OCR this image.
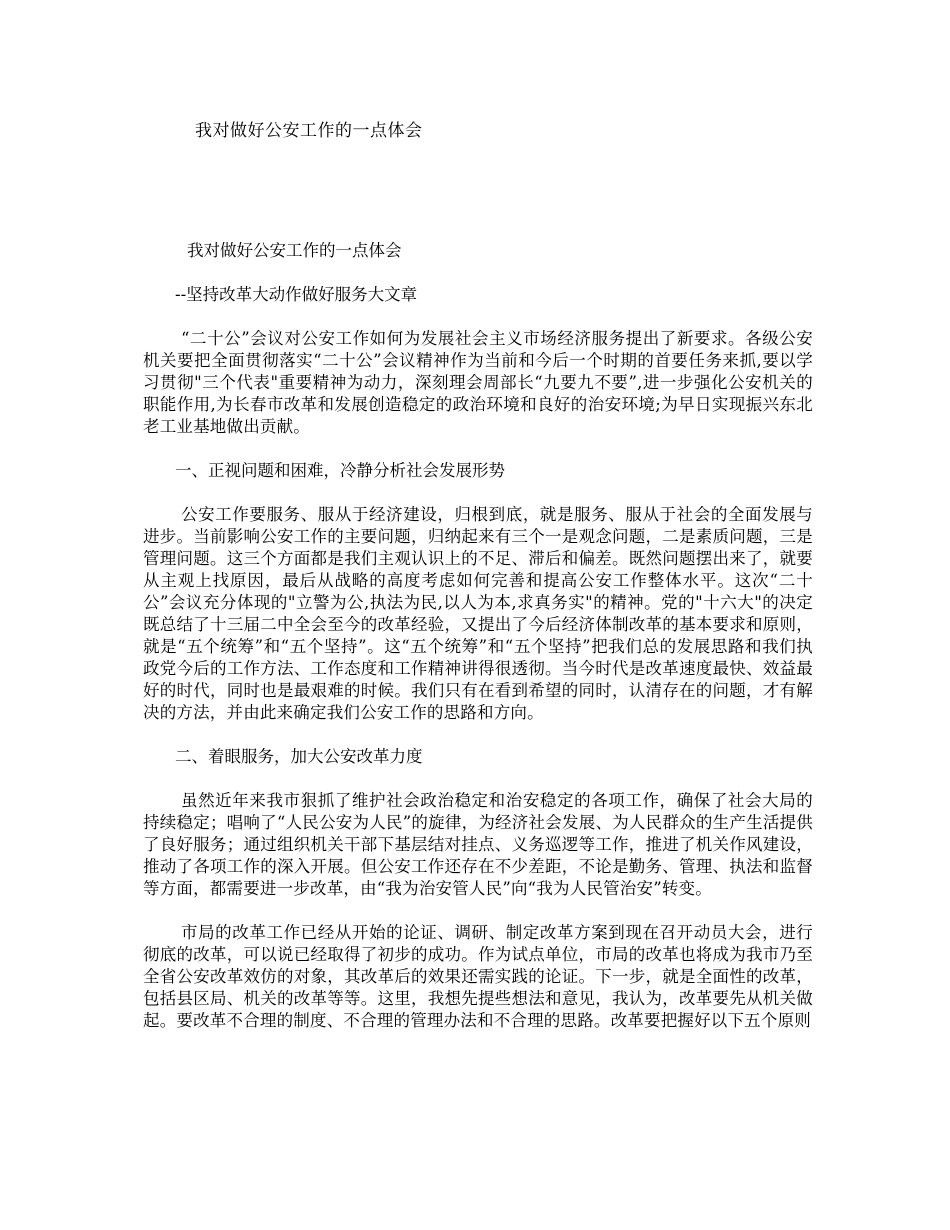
我对做好公安工作的一点体会

我对做好公安工作的一点体会

--坚持改革大动作做好服务大文章

“二十公”会议对公安工作如何为发展社会主义市场经济服务提出了新要求。各级公安机关要把全面贯彻落实“二十公”会议精神作为当前和今后一个时期的首要任务来抓,要以学习贯彻"三个代表"重要精神为动力，深刻理会周部长“九要九不要”,进一步强化公安机关的职能作用,为长春市改革和发展创造稳定的政治环境和良好的治安环境;为早日实现振兴东北老工业基地做出贡献。

一、正视问题和困难，冷静分析社会发展形势

公安工作要服务、服从于经济建设，归根到底，就是服务、服从于社会的全面发展与进步。当前影响公安工作的主要问题，归纳起来有三个一是观念问题，二是素质问题，三是管理问题。这三个方面都是我们主观认识上的不足、滞后和偏差。既然问题摆出来了，就要从主观上找原因，最后从战略的高度考虑如何完善和提高公安工作整体水平。这次“二十公”会议充分体现的"立警为公,执法为民,以人为本,求真务实"的精神。党的"十六大"的决定既总结了十三届二中全会至今的改革经验，又提出了今后经济体制改革的基本要求和原则，就是“五个统筹”和“五个坚持”。这“五个统筹”和“五个坚持”把我们总的发展思路和我们执政党今后的工作方法、工作态度和工作精神讲得很透彻。当今时代是改革速度最快、效益最好的时代，同时也是最艰难的时候。我们只有在看到希望的同时，认清存在的问题，才有解决的方法，并由此来确定我们公安工作的思路和方向。

二、着眼服务，加大公安改革力度

虽然近年来我市狠抓了维护社会政治稳定和治安稳定的各项工作，确保了社会大局的持续稳定；唱响了“人民公安为人民”的旋律，为经济社会发展、为人民群众的生产生活提供了良好服务；通过组织机关干部下基层结对挂点、义务巡逻等工作，推进了机关作风建设，推动了各项工作的深入开展。但公安工作还存在不少差距，不论是勤务、管理、执法和监督等方面，都需要进一步改革，由“我为治安管人民”向“我为人民管治安”转变。

市局的改革工作已经从开始的论证、调研、制定改革方案到现在召开动员大会，进行彻底的改革，可以说已经取得了初步的成功。作为试点单位，市局的改革也将成为我市乃至全省公安改革效仿的对象，其改革后的效果还需实践的论证。下一步，就是全面性的改革，包括县区局、机关的改革等等。这里，我想先提些想法和意见，我认为，改革要先从机关做起。要改革不合理的制度、不合理的管理办法和不合理的思路。改革要把握好以下五个原则
